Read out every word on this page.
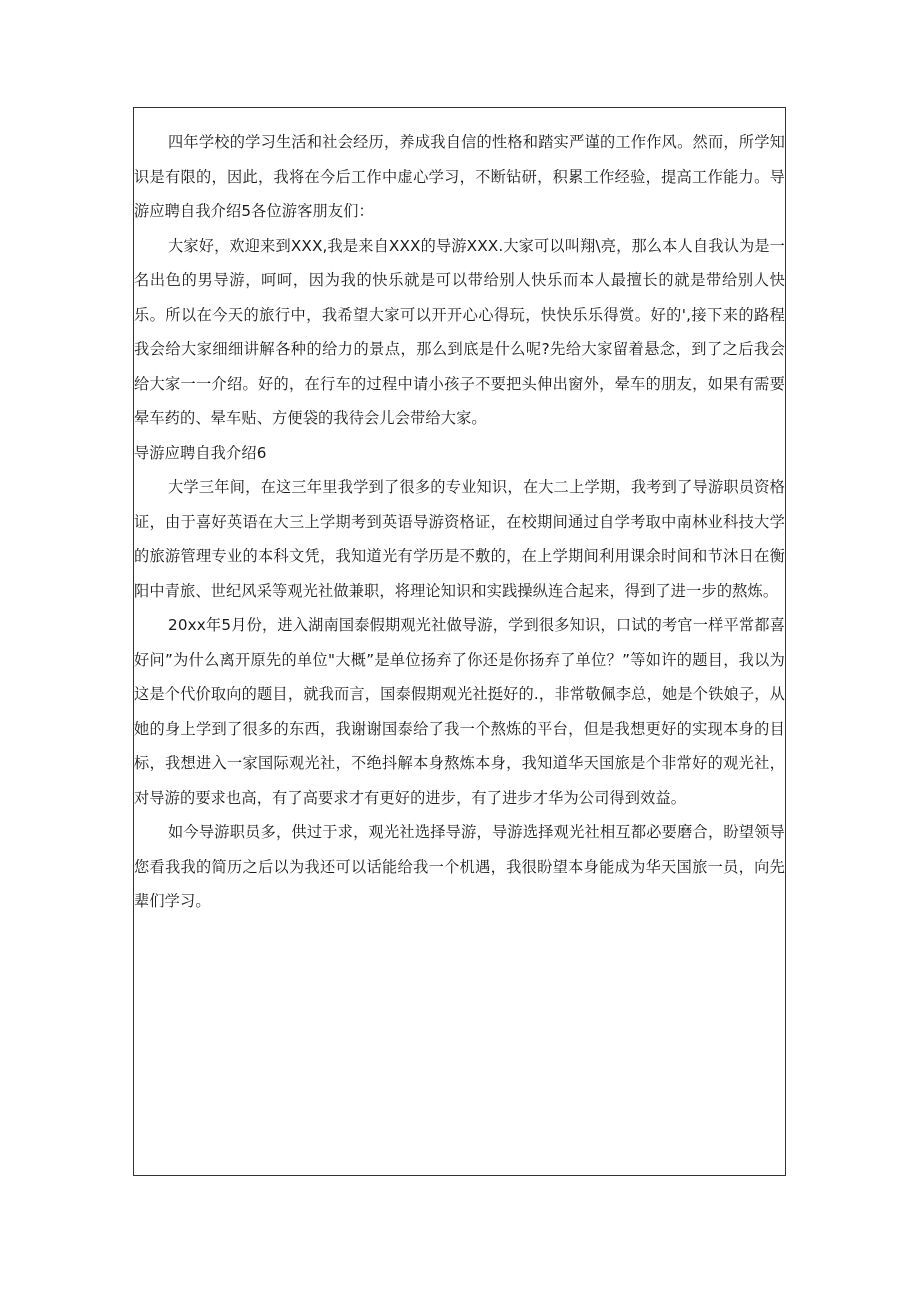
四年学校的学习生活和社会经历，养成我自信的性格和踏实严谨的工作作风。然而，所学知识是有限的，因此，我将在今后工作中虚心学习，不断钻研，积累工作经验，提高工作能力。导游应聘自我介绍5各位游客朋友们：

大家好，欢迎来到XXX,我是来自XXX的导游XXX.大家可以叫翔\亮，那么本人自我认为是一名出色的男导游，呵呵，因为我的快乐就是可以带给别人快乐而本人最擅长的就是带给别人快乐。所以在今天的旅行中，我希望大家可以开开心心得玩，快快乐乐得赏。好的',接下来的路程我会给大家细细讲解各种的给力的景点，那么到底是什么呢?先给大家留着悬念，到了之后我会给大家一一介绍。好的，在行车的过程中请小孩子不要把头伸出窗外，晕车的朋友，如果有需要晕车药的、晕车贴、方便袋的我待会儿会带给大家。

导游应聘自我介绍6

大学三年间，在这三年里我学到了很多的专业知识，在大二上学期，我考到了导游职员资格证，由于喜好英语在大三上学期考到英语导游资格证，在校期间通过自学考取中南林业科技大学的旅游管理专业的本科文凭，我知道光有学历是不敷的，在上学期间利用课余时间和节沐日在衡阳中青旅、世纪风采等观光社做兼职，将理论知识和实践操纵连合起来，得到了进一步的熬炼。

20xx年5月份，进入湖南国泰假期观光社做导游，学到很多知识，口试的考官一样平常都喜好问”为什么离开原先的单位"大概”是单位扬弃了你还是你扬弃了单位？”等如许的题目，我以为这是个代价取向的题目，就我而言，国泰假期观光社挺好的.，非常敬佩李总，她是个铁娘子，从她的身上学到了很多的东西，我谢谢国泰给了我一个熬炼的平台，但是我想更好的实现本身的目标，我想进入一家国际观光社，不绝抖解本身熬炼本身，我知道华天国旅是个非常好的观光社，对导游的要求也高，有了高要求才有更好的进步，有了进步才华为公司得到效益。

如今导游职员多，供过于求，观光社选择导游，导游选择观光社相互都必要磨合，盼望领导您看我我的简历之后以为我还可以话能给我一个机遇，我很盼望本身能成为华天国旅一员，向先辈们学习。
